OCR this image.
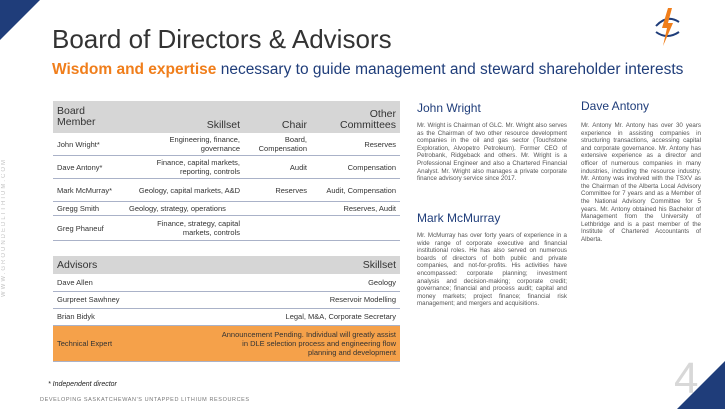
WWW.GROUNDEDLITHIUM.COM
Board of Directors & Advisors
Wisdom and expertise necessary to guide management and steward shareholder interests
Board Member	Skillset	Chair	Other Committees
John Wright*	Engineering, finance, governance	Board, Compensation	Reserves
Dave Antony*	Finance, capital markets, reporting, controls	Audit	Compensation
Mark McMurray*	Geology, capital markets, A&D	Reserves	Audit, Compensation
Gregg Smith	Geology, strategy, operations		Reserves, Audit
Greg Phaneuf	Finance, strategy, capital markets, controls		
Advisors	Skillset
Dave Allen	Geology
Gurpreet Sawhney	Reservoir Modelling
Brian Bidyk	Legal, M&A, Corporate Secretary
Technical Expert	Announcement Pending. Individual will greatly assist in DLE selection process and engineering flow planning and development
John Wright
Mr. Wright is Chairman of GLC. Mr. Wright also serves as the Chairman of two other resource development companies in the oil and gas sector (Touchstone Exploration, Alvopetro Petroleum). Former CEO of Petrobank, Ridgeback and others. Mr. Wright is a Professional Engineer and also a Chartered Financial Analyst. Mr. Wright also manages a private corporate finance advisory service since 2017.
Mark McMurray
Mr. McMurray has over forty years of experience in a wide range of corporate executive and financial institutional roles. He has also served on numerous boards of directors of both public and private companies, and not-for-profits. His activities have encompassed: corporate planning; investment analysis and decision-making; corporate credit; governance; financial and process audit; capital and money markets; project finance; financial risk management; and mergers and acquisitions.
Dave Antony
Mr. Antony Mr. Antony has over 30 years experience in assisting companies in structuring transactions, accessing capital and corporate governance. Mr. Antony has extensive experience as a director and officer of numerous companies in many industries, including the resource industry. Mr. Antony was involved with the TSXV as the Chairman of the Alberta Local Advisory Committee for 7 years and as a Member of the National Advisory Committee for 5 years. Mr. Antony obtained his Bachelor of Management from the University of Lethbridge and is a past member of the Institute of Chartered Accountants of Alberta.
* Independent director
DEVELOPING SASKATCHEWAN'S UNTAPPED LITHIUM RESOURCES	4
